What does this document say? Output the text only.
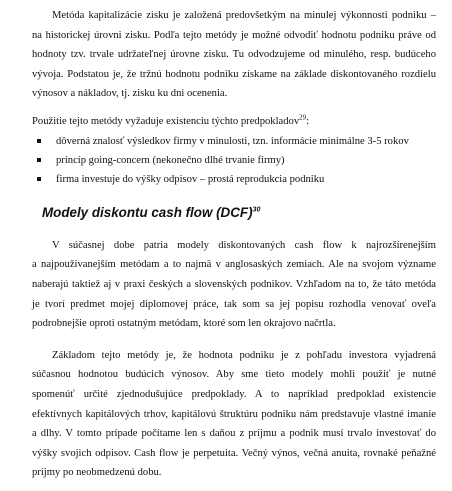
Metóda kapitalizácie zisku je založená predovšetkým na minulej výkonnosti podniku –
na historickej úrovni zisku. Podľa tejto metódy je možné odvodiť hodnotu podniku práve od
hodnoty tzv. trvale udržateľnej úrovne zisku. Tu odvodzujeme od minulého, resp. budúceho
vývoja. Podstatou je, že tržnú hodnotu podniku získame na základe diskontovaného rozdielu
výnosov a nákladov, tj. zisku ku dni ocenenia.
Použitie tejto metódy vyžaduje existenciu týchto predpokladov$^{29}$:
dôverná znalosť výsledkov firmy v minulosti, tzn. informácie minimálne 3-5 rokov
princíp going-concern (nekonečno dlhé trvanie firmy)
firma investuje do výšky odpisov – prostá reprodukcia podniku
Modely diskontu cash flow (DCF)$^{30}$
V súčasnej dobe patria modely diskontovaných cash flow k najrozšírenejším
a najpoužívanejším metódam a to najmä v anglosaských zemiach. Ale na svojom význame
naberajú taktiež aj v praxi českých a slovenských podnikov. Vzhľadom na to, že táto metóda
je tvorí predmet mojej diplomovej práce, tak som sa jej popisu rozhodla venovať oveľa
podrobnejšie oproti ostatným metódam, ktoré som len okrajovo načrtla.
Základom tejto metódy je, že hodnota podniku je z pohľadu investora vyjadrená
súčasnou hodnotou budúcich výnosov. Aby sme tieto modely mohli použiť je nutné
spomenúť určité zjednodušujúce predpoklady. A to napríklad predpoklad existencie
efektívnych kapitálových trhov, kapitálovú štruktúru podniku nám predstavuje vlastné imanie
a dlhy. V tomto prípade počítame len s daňou z príjmu a podnik musí trvalo investovať do
výšky svojich odpisov. Cash flow je perpetuita. Večný výnos, večná anuita, rovnaké peňažné
príjmy po neobmedzenú dobu.
